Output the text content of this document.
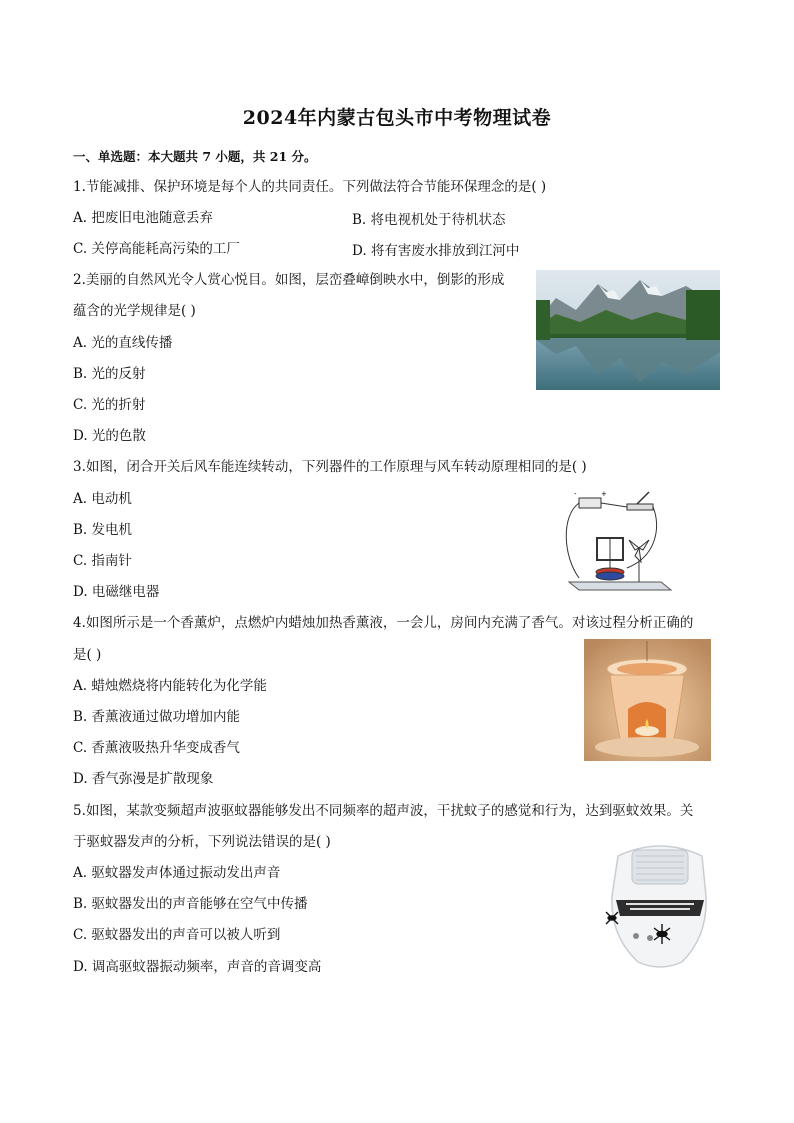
2024年内蒙古包头市中考物理试卷
一、单选题：本大题共 7 小题，共 21 分。
1.节能减排、保护环境是每个人的共同责任。下列做法符合节能环保理念的是( )
A. 把废旧电池随意丢弃	B. 将电视机处于待机状态
C. 关停高能耗高污染的工厂	D. 将有害废水排放到江河中
2.美丽的自然风光令人赏心悦目。如图，层峦叠嶂倒映水中，倒影的形成
蕴含的光学规律是( )
A. 光的直线传播
B. 光的反射
C. 光的折射
D. 光的色散
3.如图，闭合开关后风车能连续转动，下列器件的工作原理与风车转动原理相同的是( )
A. 电动机
B. 发电机
C. 指南针
D. 电磁继电器
-	+
4.如图所示是一个香薰炉，点燃炉内蜡烛加热香薰液，一会儿，房间内充满了香气。对该过程分析正确的
是( )
A. 蜡烛燃烧将内能转化为化学能
B. 香薰液通过做功增加内能
C. 香薰液吸热升华变成香气
D. 香气弥漫是扩散现象
5.如图，某款变频超声波驱蚊器能够发出不同频率的超声波，干扰蚊子的感觉和行为，达到驱蚊效果。关
于驱蚊器发声的分析，下列说法错误的是( )
A. 驱蚊器发声体通过振动发出声音
B. 驱蚊器发出的声音能够在空气中传播
C. 驱蚊器发出的声音可以被人听到
D. 调高驱蚊器振动频率，声音的音调变高
